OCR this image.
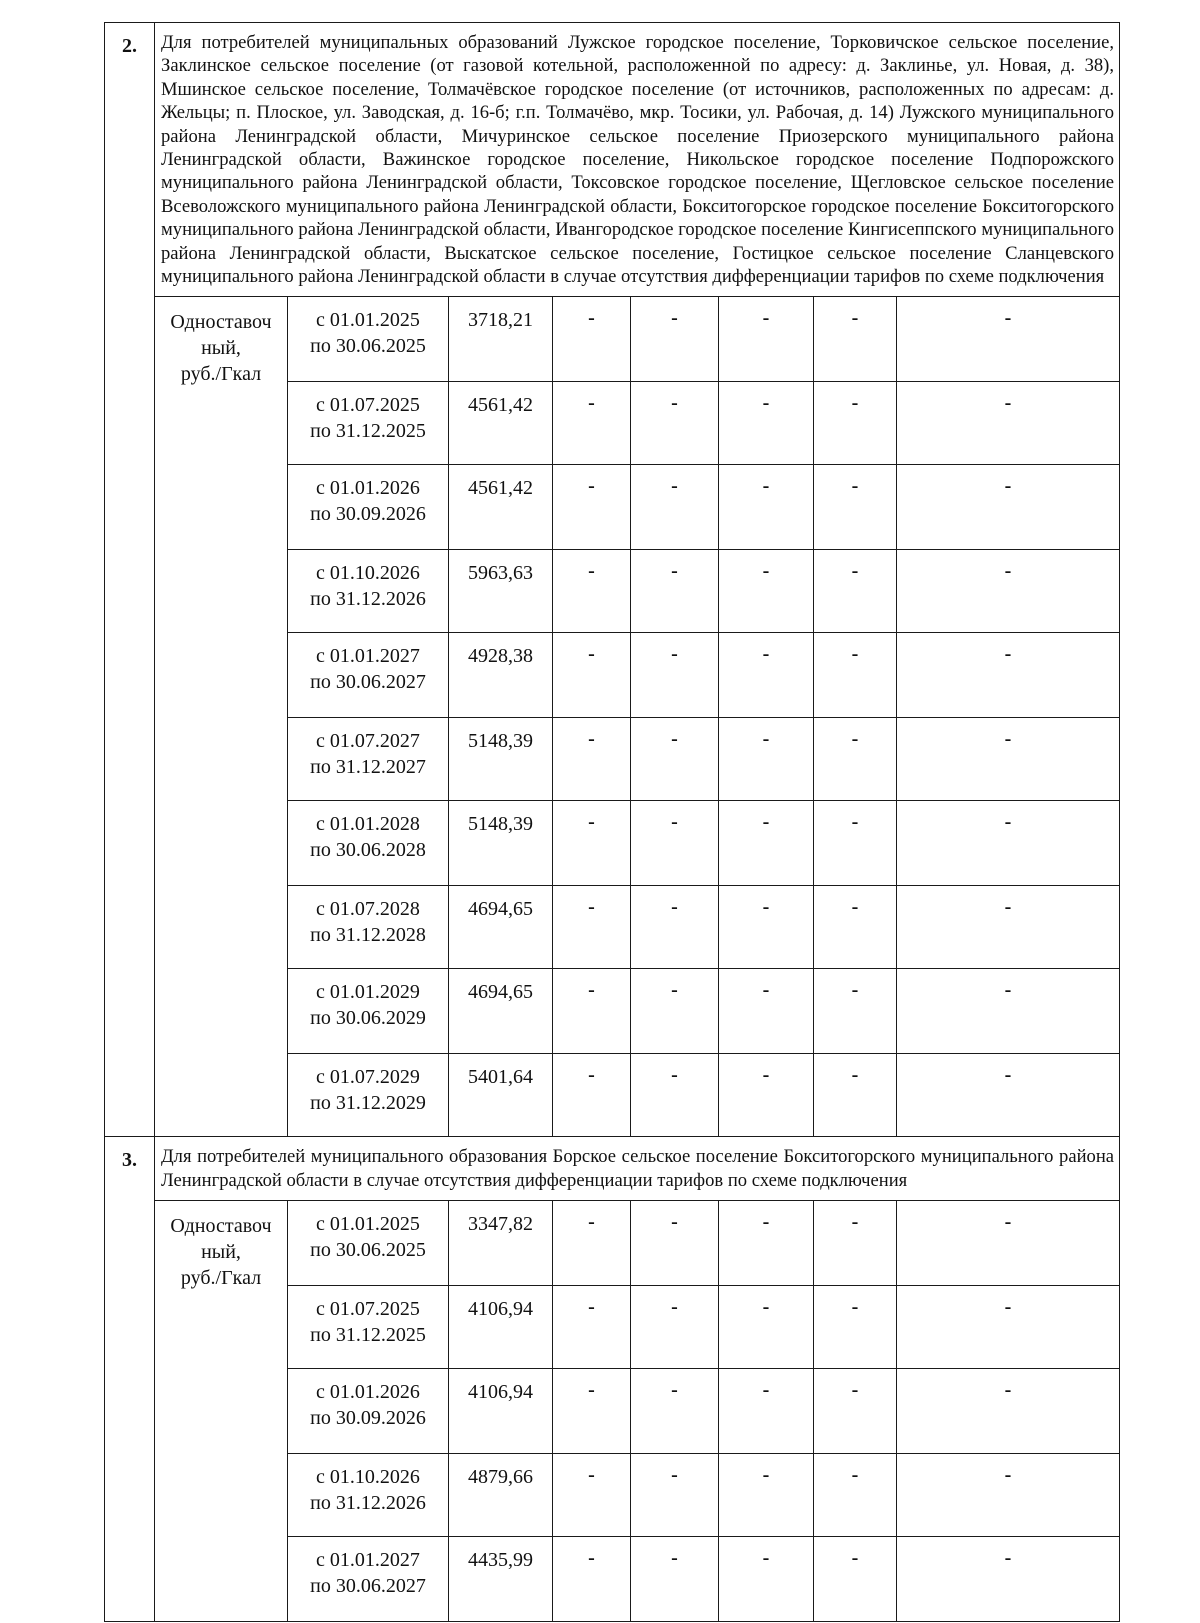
2.	Для потребителей муниципальных образований Лужское городское поселение, Торковичское сельское поселение, Заклинское сельское поселение (от газовой котельной, расположенной по адресу: д. Заклинье, ул. Новая, д. 38), Мшинское сельское поселение, Толмачёвское городское поселение (от источников, расположенных по адресам: д. Жельцы; п. Плоское, ул. Заводская, д. 16-б; г.п. Толмачёво, мкр. Тосики, ул. Рабочая, д. 14) Лужского муниципального района Ленинградской области, Мичуринское сельское поселение Приозерского муниципального района Ленинградской области, Важинское городское поселение, Никольское городское поселение Подпорожского муниципального района Ленинградской области, Токсовское городское поселение, Щегловское сельское поселение Всеволожского муниципального района Ленинградской области, Бокситогорское городское поселение Бокситогорского муниципального района Ленинградской области, Ивангородское городское поселение Кингисеппского муниципального района Ленинградской области, Выскатское сельское поселение, Гостицкое сельское поселение Сланцевского муниципального района Ленинградской области в случае отсутствия дифференциации тарифов по схеме подключения							

	Одноставоч
ный,
руб./Гкал	с 01.01.2025
по 30.06.2025	3718,21	-	-	-	-	-

		с 01.07.2025
по 31.12.2025	4561,42	-	-	-	-	-

		с 01.01.2026
по 30.09.2026	4561,42	-	-	-	-	-

		с 01.10.2026
по 31.12.2026	5963,63	-	-	-	-	-

		с 01.01.2027
по 30.06.2027	4928,38	-	-	-	-	-

		с 01.07.2027
по 31.12.2027	5148,39	-	-	-	-	-

		с 01.01.2028
по 30.06.2028	5148,39	-	-	-	-	-

		с 01.07.2028
по 31.12.2028	4694,65	-	-	-	-	-

		с 01.01.2029
по 30.06.2029	4694,65	-	-	-	-	-

		с 01.07.2029
по 31.12.2029	5401,64	-	-	-	-	-
3.	Для потребителей муниципального образования Борское сельское поселение Бокситогорского муниципального района Ленинградской области в случае отсутствия дифференциации тарифов по схеме подключения							

	Одноставоч
ный,
руб./Гкал	с 01.01.2025
по 30.06.2025	3347,82	-	-	-	-	-

		с 01.07.2025
по 31.12.2025	4106,94	-	-	-	-	-

		с 01.01.2026
по 30.09.2026	4106,94	-	-	-	-	-

		с 01.10.2026
по 31.12.2026	4879,66	-	-	-	-	-

		с 01.01.2027
по 30.06.2027	4435,99	-	-	-	-	-
